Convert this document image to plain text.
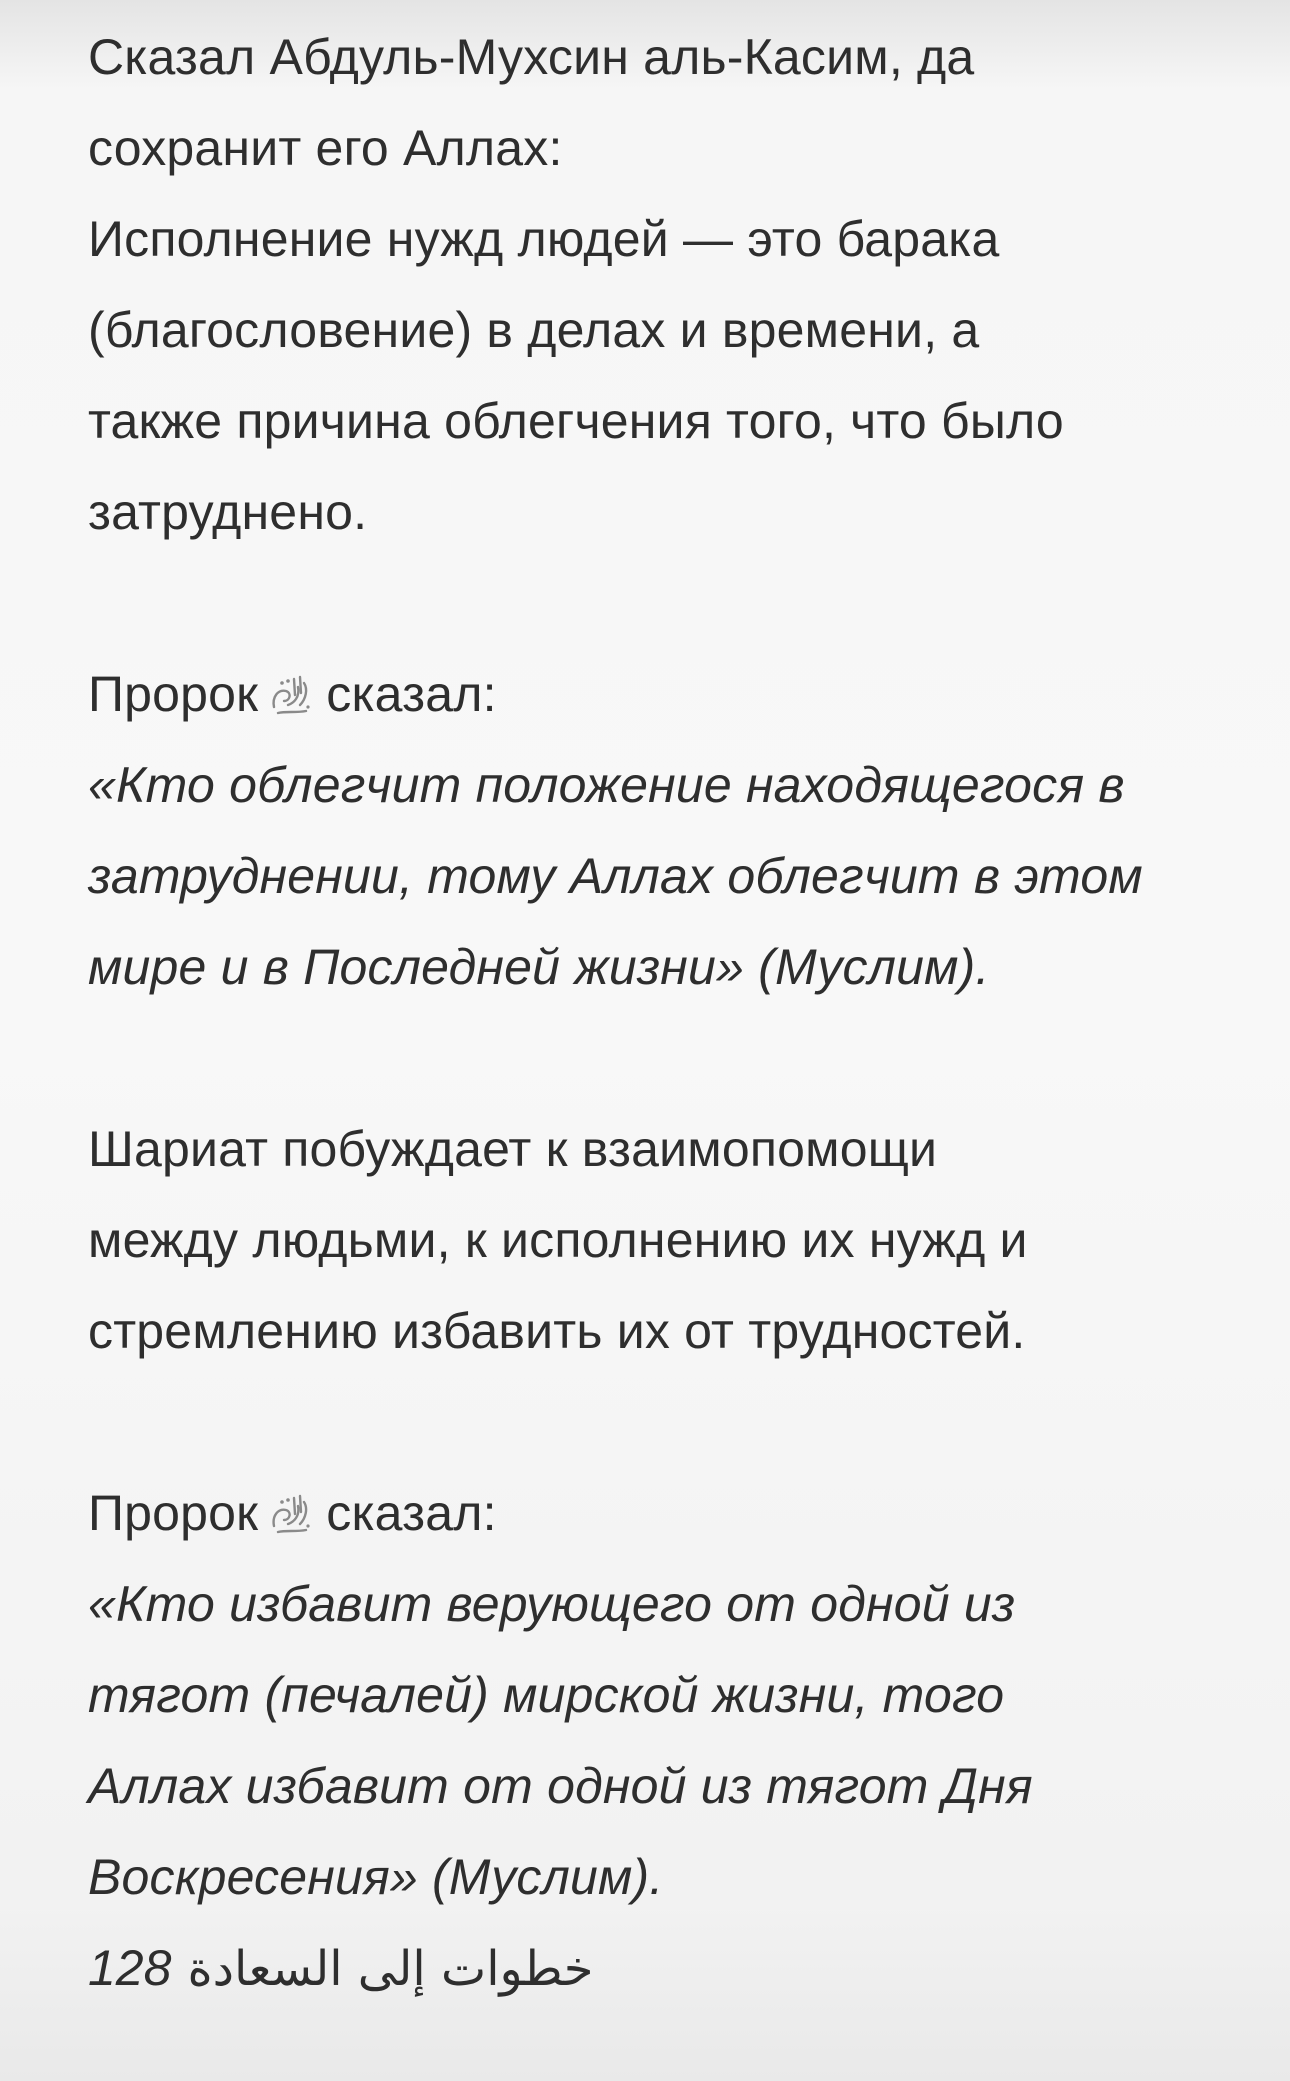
Сказал Абдуль-Мухсин аль-Касим, да
сохранит его Аллах:
Исполнение нужд людей — это барака
(благословение) в делах и времени, а
также причина облегчения того, что было
затруднено.
Пророк сказал:
«Кто облегчит положение находящегося в
затруднении, тому Аллах облегчит в этом
мире и в Последней жизни» (Муслим).
Шариат побуждает к взаимопомощи
между людьми, к исполнению их нужд и
стремлению избавить их от трудностей.
Пророк сказал:
«Кто избавит верующего от одной из
тягот (печалей) мирской жизни, того
Аллах избавит от одной из тягот Дня
Воскресения» (Муслим).
128 خطوات إلى السعادة
